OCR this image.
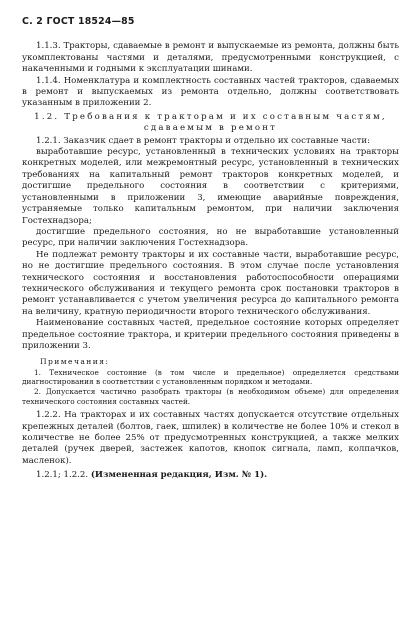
С. 2 ГОСТ 18524—85

1.1.3. Тракторы, сдаваемые в ремонт и выпускаемые из ремонта, должны быть укомплектованы частями и деталями, предусмотренными конструкцией, с накаченными и годными к эксплуатации шинами.

1.1.4. Номенклатура и комплектность составных частей тракторов, сдаваемых в ремонт и выпускаемых из ремонта отдельно, должны соответствовать указанным в приложении 2.

1.2. Требования к тракторам и их составным частям, сдаваемым в ремонт

1.2.1. Заказчик сдает в ремонт тракторы и отдельно их составные части:

выработавшие ресурс, установленный в технических условиях на тракторы конкретных моделей, или межремонтный ресурс, установленный в технических требованиях на капитальный ремонт тракторов конкретных моделей, и достигшие предельного состояния в соответствии с критериями, установленными в приложении 3, имеющие аварийные повреждения, устраняемые только капитальным ремонтом, при наличии заключения Гостехнадзора;

достигшие предельного состояния, но не выработавшие установленный ресурс, при наличии заключения Гостехнадзора.

Не подлежат ремонту тракторы и их составные части, выработавшие ресурс, но не достигшие предельного состояния. В этом случае после установления технического состояния и восстановления работоспособности операциями технического обслуживания и текущего ремонта срок постановки тракторов в ремонт устанавливается с учетом увеличения ресурса до капитального ремонта на величину, кратную периодичности второго технического обслуживания.

Наименование составных частей, предельное состояние которых определяет предельное состояние трактора, и критерии предельного состояния приведены в приложении 3.

Примечания:

1. Техническое состояние (в том числе и предельное) определяется средствами диагностирования в соответствии с установленным порядком и методами.

2. Допускается частично разобрать тракторы (в необходимом объеме) для определения технического состояния составных частей.

1.2.2. На тракторах и их составных частях допускается отсутствие отдельных крепежных деталей (болтов, гаек, шпилек) в количестве не более 10% и стекол в количестве не более 25% от предусмотренных конструкцией, а также мелких деталей (ручек дверей, застежек капотов, кнопок сигнала, ламп, колпачков, масленок).

1.2.1; 1.2.2. (Измененная редакция, Изм. № 1).
